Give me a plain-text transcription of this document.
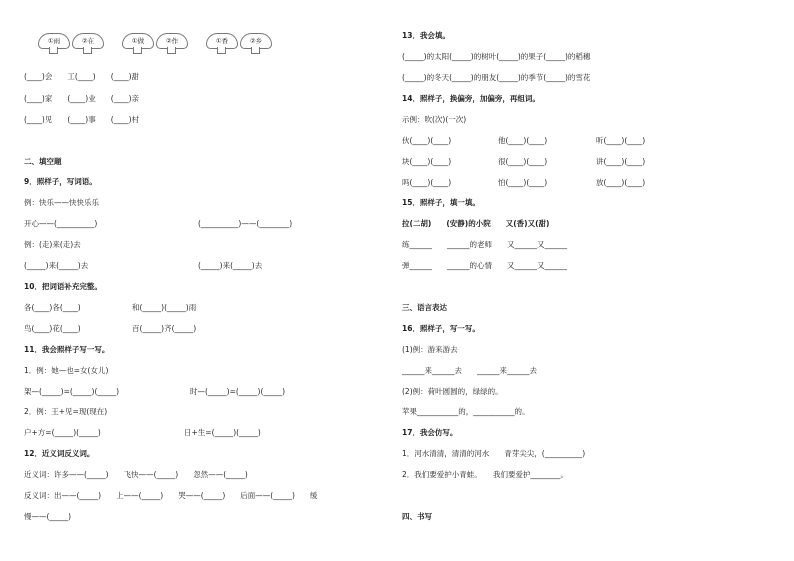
①雨	②在	①做	②作	①香	②乡
(____)会　　工(____)　　(____)甜
(____)家　　(____)业　　(____)亲
(____)见　　(____)事　　(____)村
二、填空题
9．照样子，写词语。
例：快乐——快快乐乐
开心——(__________)	(__________)——(________)
例：(走)来(走)去
(_____)来(_____)去	(_____)来(_____)去
10．把词语补充完整。
各(____)各(____)	和(_____)(_____)雨
鸟(____)花(____)	百(_____)齐(_____)
11．我会照样子写一写。
1．例：她—也=女(女儿)
架—(_____)=(_____)(_____)	时—(_____)=(_____)(_____)
2．例：王+见=现(现在)
户+方=(_____)(_____)	日+生=(_____)(_____)
12．近义词反义词。
近义词：许多——(_____)　　飞快——(_____)　　忽然——(_____)
反义词：出——(_____)　　上——(_____)　　哭——(_____)　　后面——(_____)　　缓
慢——(_____)
13．我会填。
(_____)的太阳(_____)的树叶(_____)的果子(_____)的稻穗
(_____)的冬天(_____)的朋友(_____)的季节(_____)的雪花
14．照样子，换偏旁，加偏旁，再组词。
示例：吹(次)(一次)
伙(____)(____)	他(____)(____)	听(____)(____)
块(____)(____)	很(____)(____)	讲(____)(____)
吗(____)(____)	怕(____)(____)	放(____)(____)
15．照样子，填一填。
拉(二胡)　　(安静)的小院　　又(香)又(甜)
练______　　______的老师　　又______又______
弹______　　______的心情　　又______又______
三、语言表达
16．照样子，写一写。
(1)例：游来游去
______来______去　　______来______去
(2)例：荷叶圆圆的，绿绿的。
苹果___________的，___________的。
17．我会仿写。
1．河水清清，清清的河水　　青芽尖尖，(__________)
2．我们要爱护小青蛙。　　我们要爱护________。
四、书写
